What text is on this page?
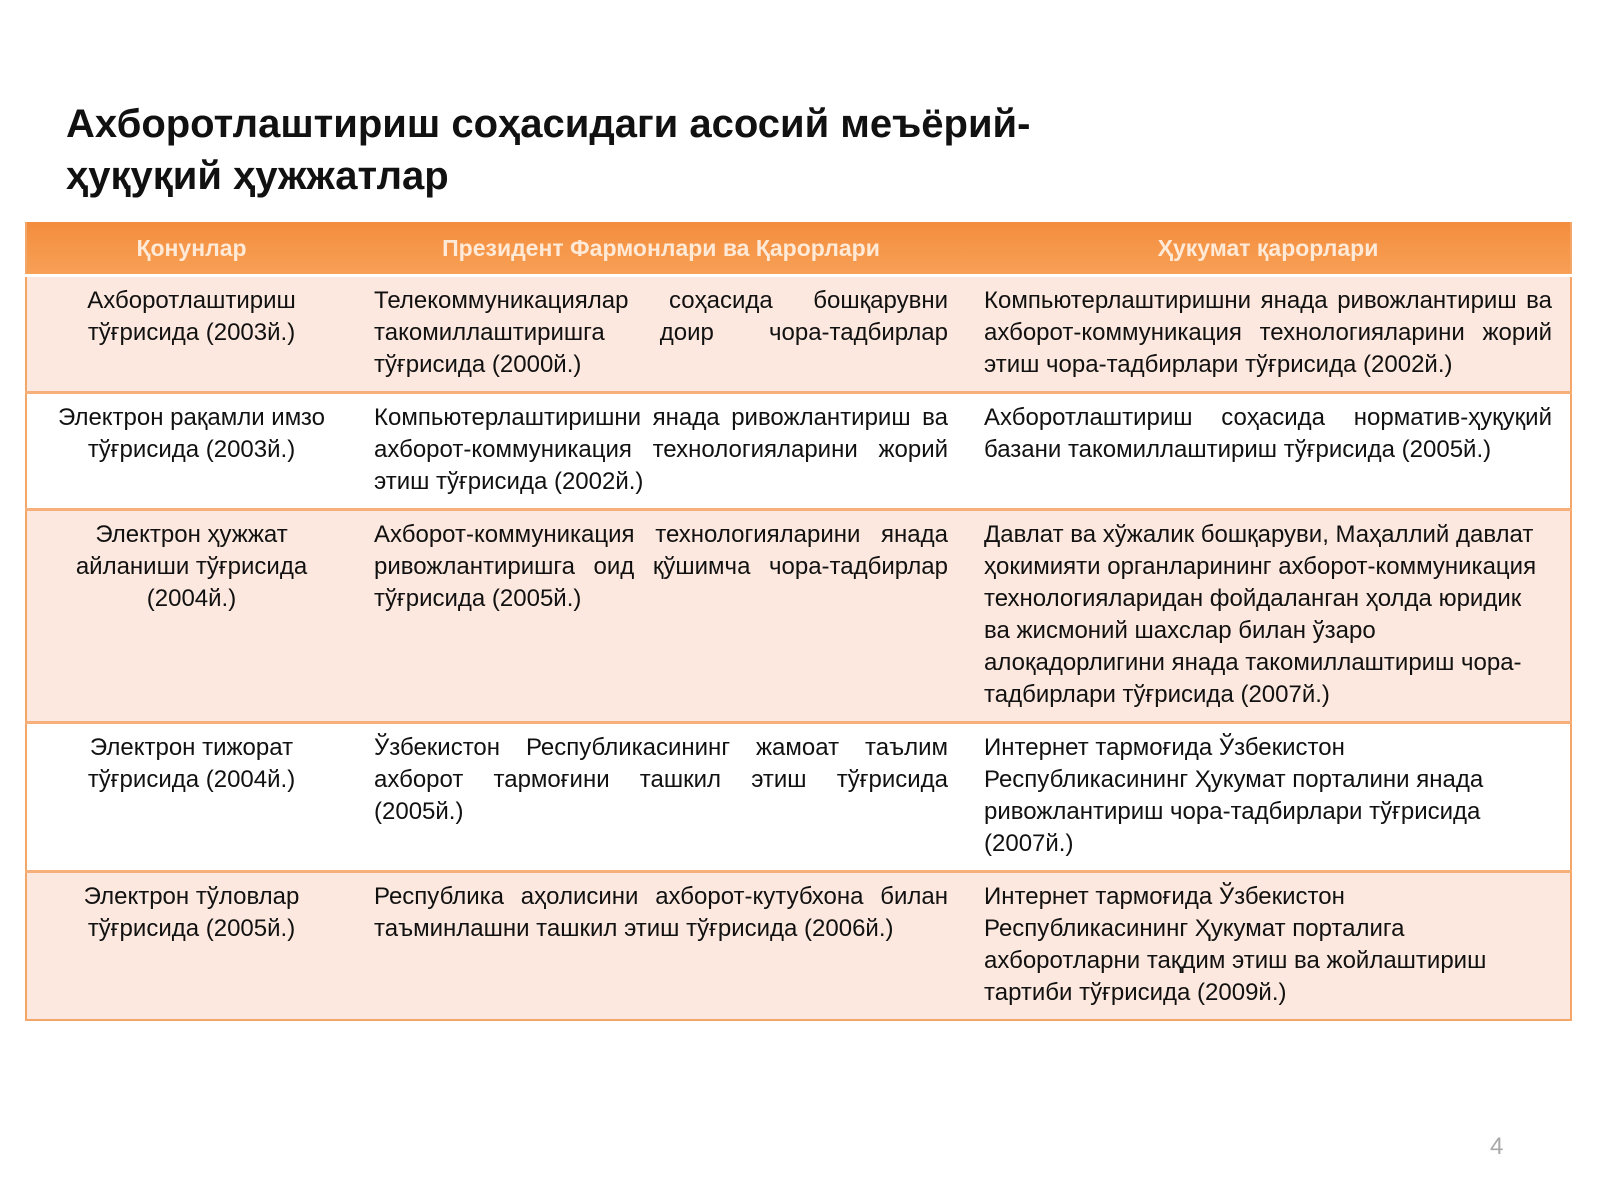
Ахборотлаштириш соҳасидаги асосий меъёрий-
ҳуқуқий ҳужжатлар
Қонунлар	Президент Фармонлари ва Қарорлари	Ҳукумат қарорлари
Ахборотлаштириш тўғрисида (2003й.)	Телекоммуникациялар соҳасида бошқарувни такомиллаштиришга доир чора-тадбирлар тўғрисида (2000й.)	Компьютерлаштиришни янада ривожлантириш ва ахборот-коммуникация технологияларини жорий этиш чора-тадбирлари тўғрисида (2002й.)
Электрон рақамли имзо тўғрисида (2003й.)	Компьютерлаштиришни янада ривожлантириш ва ахборот-коммуникация технологияларини жорий этиш тўғрисида (2002й.)	Ахборотлаштириш соҳасида норматив-ҳуқуқий базани такомиллаштириш тўғрисида (2005й.)
Электрон ҳужжат айланиши тўғрисида (2004й.)	Ахборот-коммуникация технологияларини янада ривожлантиришга оид қўшимча чора-тадбирлар тўғрисида (2005й.)	Давлат ва хўжалик бошқаруви, Маҳаллий давлат ҳокимияти органларининг ахборот-коммуникация технологияларидан фойдаланган ҳолда юридик ва жисмоний шахслар билан ўзаро алоқадорлигини янада такомиллаштириш чора-тадбирлари тўғрисида (2007й.)
Электрон тижорат тўғрисида (2004й.)	Ўзбекистон Республикасининг жамоат таълим ахборот тармоғини ташкил этиш тўғрисида (2005й.)	Интернет тармоғида Ўзбекистон Республикасининг Ҳукумат порталини янада ривожлантириш чора-тадбирлари тўғрисида (2007й.)
Электрон тўловлар тўғрисида (2005й.)	Республика аҳолисини ахборот-кутубхона билан таъминлашни ташкил этиш тўғрисида (2006й.)	Интернет тармоғида Ўзбекистон Республикасининг Ҳукумат порталига ахборотларни тақдим этиш ва жойлаштириш тартиби тўғрисида (2009й.)
4
